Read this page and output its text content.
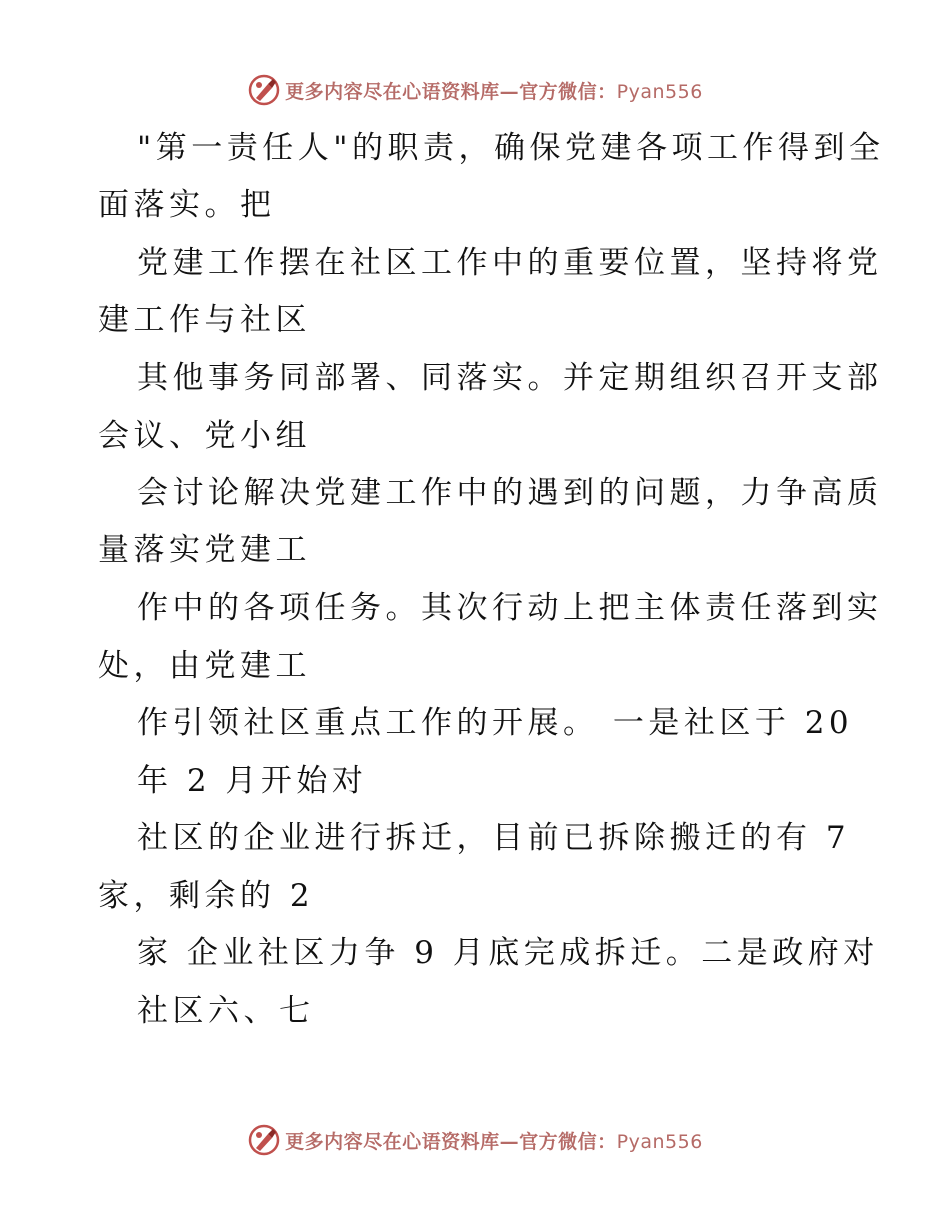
更多内容尽在心语资料库—官方微信：Pyan556
"第一责任人"的职责，确保党建各项工作得到全
面落实。把
党建工作摆在社区工作中的重要位置，坚持将党
建工作与社区
其他事务同部署、同落实。并定期组织召开支部
会议、党小组
会讨论解决党建工作中的遇到的问题，力争高质
量落实党建工
作中的各项任务。其次行动上把主体责任落到实
处，由党建工
作引领社区重点工作的开展。 一是社区于 20
年 2 月开始对
社区的企业进行拆迁，目前已拆除搬迁的有 7
家，剩余的 2
家 企业社区力争 9 月底完成拆迁。二是政府对
社区六、七
更多内容尽在心语资料库—官方微信：Pyan556
